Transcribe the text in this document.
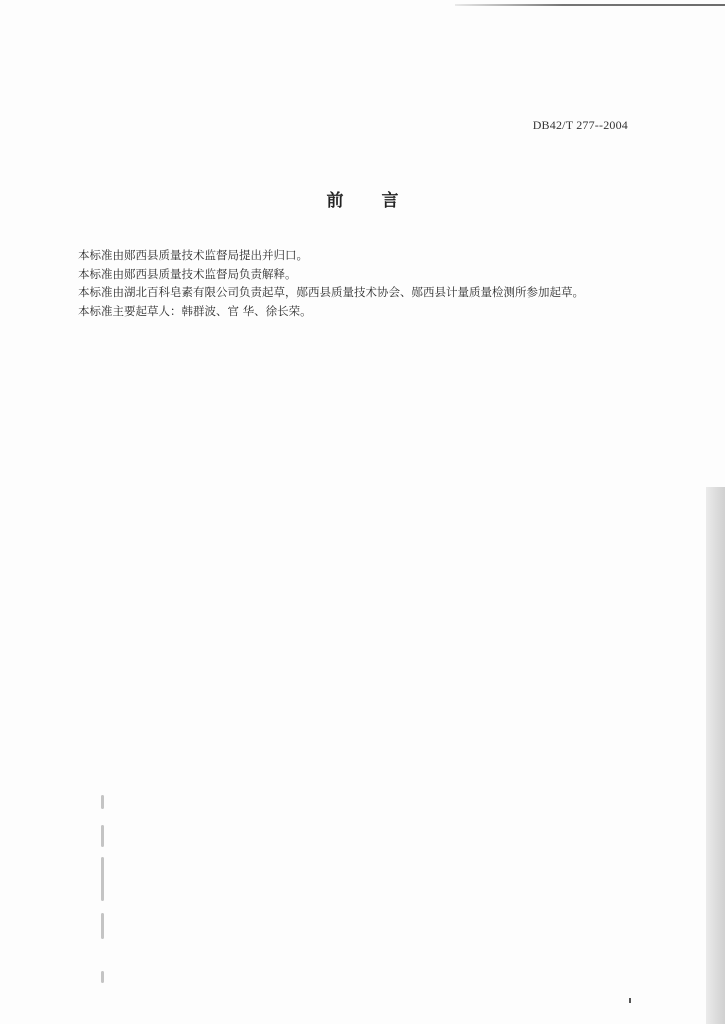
DB42/T 277--2004
前言

本标准由郧西县质量技术监督局提出并归口。

本标准由郧西县质量技术监督局负责解释。

本标准由湖北百科皂素有限公司负责起草，郧西县质量技术协会、郧西县计量质量检测所参加起草。

本标准主要起草人：韩群波、官 华、徐长荣。
